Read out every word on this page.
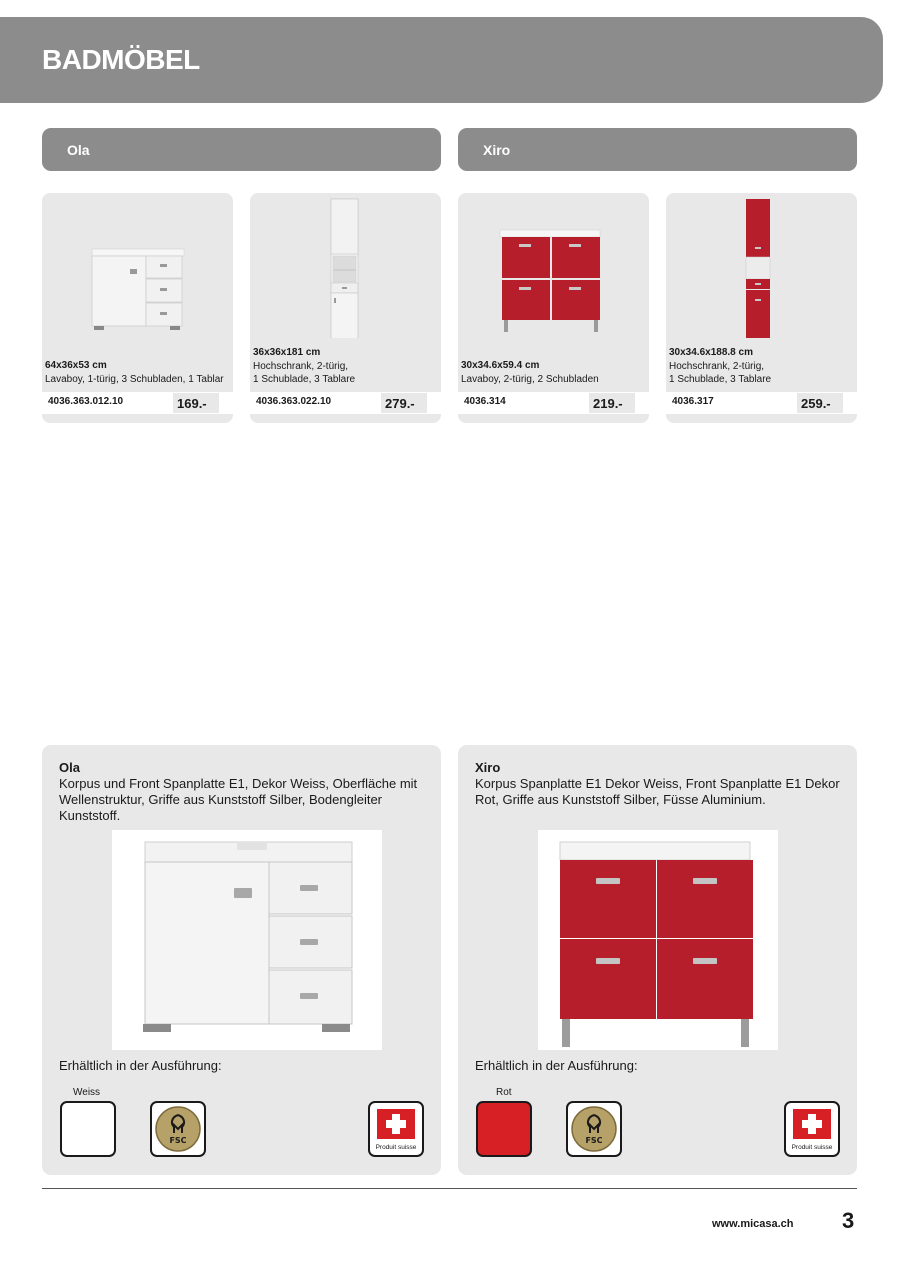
BADMÖBEL
Ola	Xiro
64x36x53 cm
Lavaboy, 1-türig, 3 Schubladen, 1 Tablar
4036.363.012.10	169.-
36x36x181 cm
Hochschrank, 2-türig,
1 Schublade, 3 Tablare
4036.363.022.10	279.-
30x34.6x59.4 cm
Lavaboy, 2-türig, 2 Schubladen
4036.314	219.-
30x34.6x188.8 cm
Hochschrank, 2-türig,
1 Schublade, 3 Tablare
4036.317	259.-
Ola
Korpus und Front Spanplatte E1, Dekor Weiss, Oberfläche mit Wellenstruktur, Griffe aus Kunststoff Silber, Bodengleiter Kunststoff.
Erhältlich in der Ausführung:
Weiss
FSC
Produit suisse
Xiro
Korpus Spanplatte E1 Dekor Weiss, Front Spanplatte E1 Dekor Rot, Griffe aus Kunststoff Silber, Füsse Aluminium.
Erhältlich in der Ausführung:
Rot
FSC
Produit suisse
www.micasa.ch 3
